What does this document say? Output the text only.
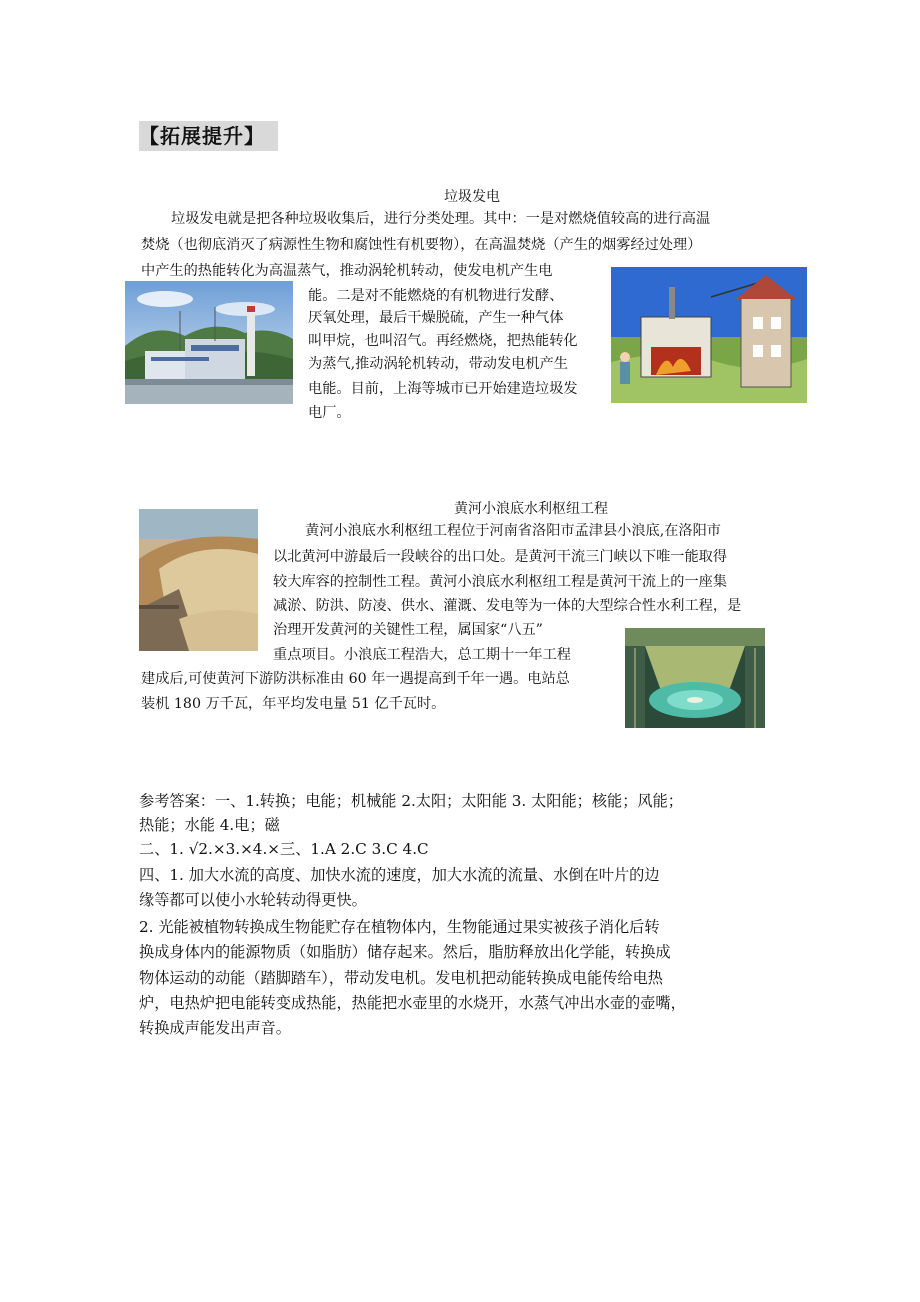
【拓展提升】
垃圾发电
垃圾发电就是把各种垃圾收集后，进行分类处理。其中：一是对燃烧值较高的进行高温
焚烧（也彻底消灭了病源性生物和腐蚀性有机要物），在高温焚烧（产生的烟雾经过处理）
中产生的热能转化为高温蒸气，推动涡轮机转动，使发电机产生电
能。二是对不能燃烧的有机物进行发酵、
厌氧处理，最后干燥脱硫，产生一种气体
叫甲烷，也叫沼气。再经燃烧，把热能转化
为蒸气,推动涡轮机转动，带动发电机产生
电能。目前，上海等城市已开始建造垃圾发
电厂。
黄河小浪底水利枢纽工程
黄河小浪底水利枢纽工程位于河南省洛阳市孟津县小浪底,在洛阳市
以北黄河中游最后一段峡谷的出口处。是黄河干流三门峡以下唯一能取得
较大库容的控制性工程。黄河小浪底水利枢纽工程是黄河干流上的一座集
减淤、防洪、防凌、供水、灌溉、发电等为一体的大型综合性水利工程，是
治理开发黄河的关键性工程，属国家“八五”
重点项目。小浪底工程浩大，总工期十一年工程
建成后,可使黄河下游防洪标准由 60 年一遇提高到千年一遇。电站总
装机 180 万千瓦，年平均发电量 51 亿千瓦时。
参考答案：一、1.转换；电能；机械能 2.太阳；太阳能 3. 太阳能；核能；风能；
热能；水能 4.电；磁
二、1. √2.×3.×4.×三、1.A 2.C 3.C 4.C
四、1. 加大水流的高度、加快水流的速度，加大水流的流量、水倒在叶片的边
缘等都可以使小水轮转动得更快。
2. 光能被植物转换成生物能贮存在植物体内，生物能通过果实被孩子消化后转
换成身体内的能源物质（如脂肪）储存起来。然后，脂肪释放出化学能，转换成
物体运动的动能（踏脚踏车），带动发电机。发电机把动能转换成电能传给电热
炉，电热炉把电能转变成热能，热能把水壶里的水烧开，水蒸气冲出水壶的壶嘴，
转换成声能发出声音。
